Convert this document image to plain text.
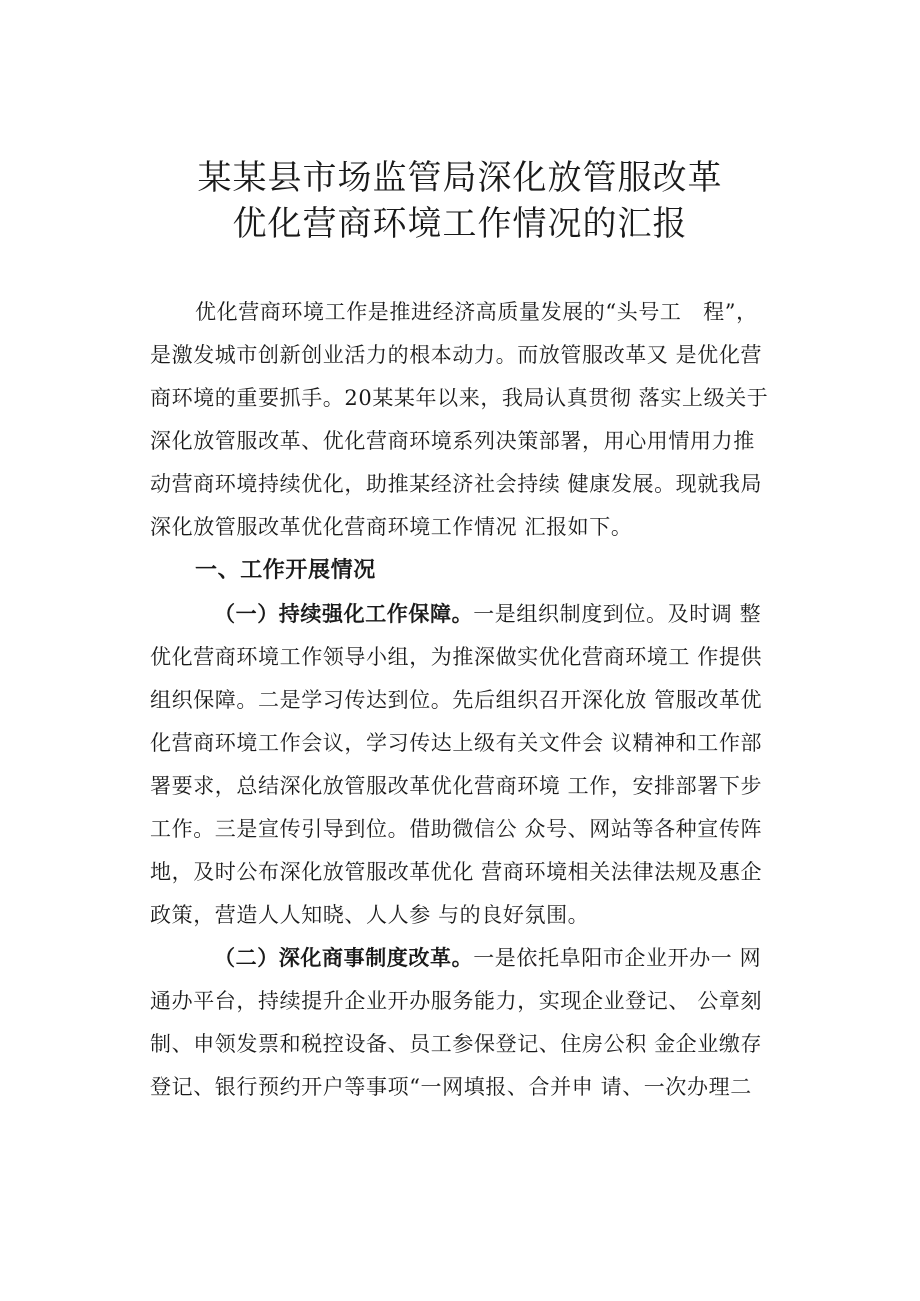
某某县市场监管局深化放管服改革
优化营商环境工作情况的汇报

优化营商环境工作是推进经济高质量发展的“头号工　程”，

是激发城市创新创业活力的根本动力。而放管服改革又 是优化营

商环境的重要抓手。20某某年以来，我局认真贯彻 落实上级关于

深化放管服改革、优化营商环境系列决策部署，用心用情用力推

动营商环境持续优化，助推某经济社会持续 健康发展。现就我局

深化放管服改革优化营商环境工作情况 汇报如下。

一、工作开展情况

（一）持续强化工作保障。一是组织制度到位。及时调 整

优化营商环境工作领导小组，为推深做实优化营商环境工 作提供

组织保障。二是学习传达到位。先后组织召开深化放 管服改革优

化营商环境工作会议，学习传达上级有关文件会 议精神和工作部

署要求，总结深化放管服改革优化营商环境 工作，安排部署下步

工作。三是宣传引导到位。借助微信公 众号、网站等各种宣传阵

地，及时公布深化放管服改革优化 营商环境相关法律法规及惠企

政策，营造人人知晓、人人参 与的良好氛围。

（二）深化商事制度改革。一是依托阜阳市企业开办一 网

通办平台，持续提升企业开办服务能力，实现企业登记、 公章刻

制、申领发票和税控设备、员工参保登记、住房公积 金企业缴存

登记、银行预约开户等事项“一网填报、合并申 请、一次办理二
